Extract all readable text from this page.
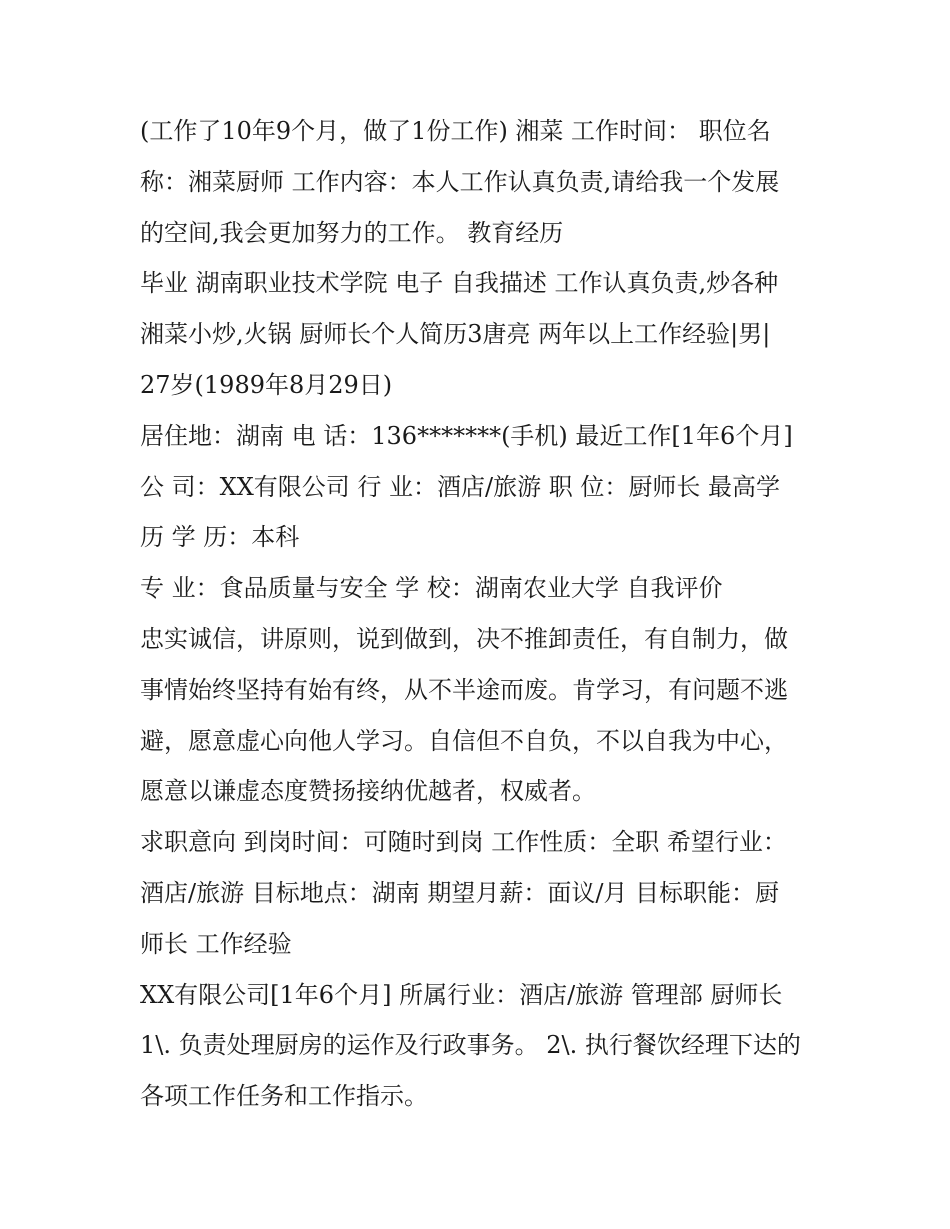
(工作了10年9个月，做了1份工作) 湘菜 工作时间： 职位名
称：湘菜厨师 工作内容：本人工作认真负责,请给我一个发展
的空间,我会更加努力的工作。 教育经历
毕业 湖南职业技术学院 电子 自我描述 工作认真负责,炒各种
湘菜小炒,火锅 厨师长个人简历3唐亮 两年以上工作经验|男|
27岁(1989年8月29日)
居住地：湖南 电 话：136*******(手机) 最近工作[1年6个月]
公 司：XX有限公司 行 业：酒店/旅游 职 位：厨师长 最高学
历 学 历：本科
专 业：食品质量与安全 学 校：湖南农业大学 自我评价
忠实诚信，讲原则，说到做到，决不推卸责任，有自制力，做
事情始终坚持有始有终，从不半途而废。肯学习，有问题不逃
避，愿意虚心向他人学习。自信但不自负，不以自我为中心，
愿意以谦虚态度赞扬接纳优越者，权威者。
求职意向 到岗时间：可随时到岗 工作性质：全职 希望行业：
酒店/旅游 目标地点：湖南 期望月薪：面议/月 目标职能：厨
师长 工作经验
XX有限公司[1年6个月] 所属行业：酒店/旅游 管理部 厨师长
1\. 负责处理厨房的运作及行政事务。 2\. 执行餐饮经理下达的
各项工作任务和工作指示。
